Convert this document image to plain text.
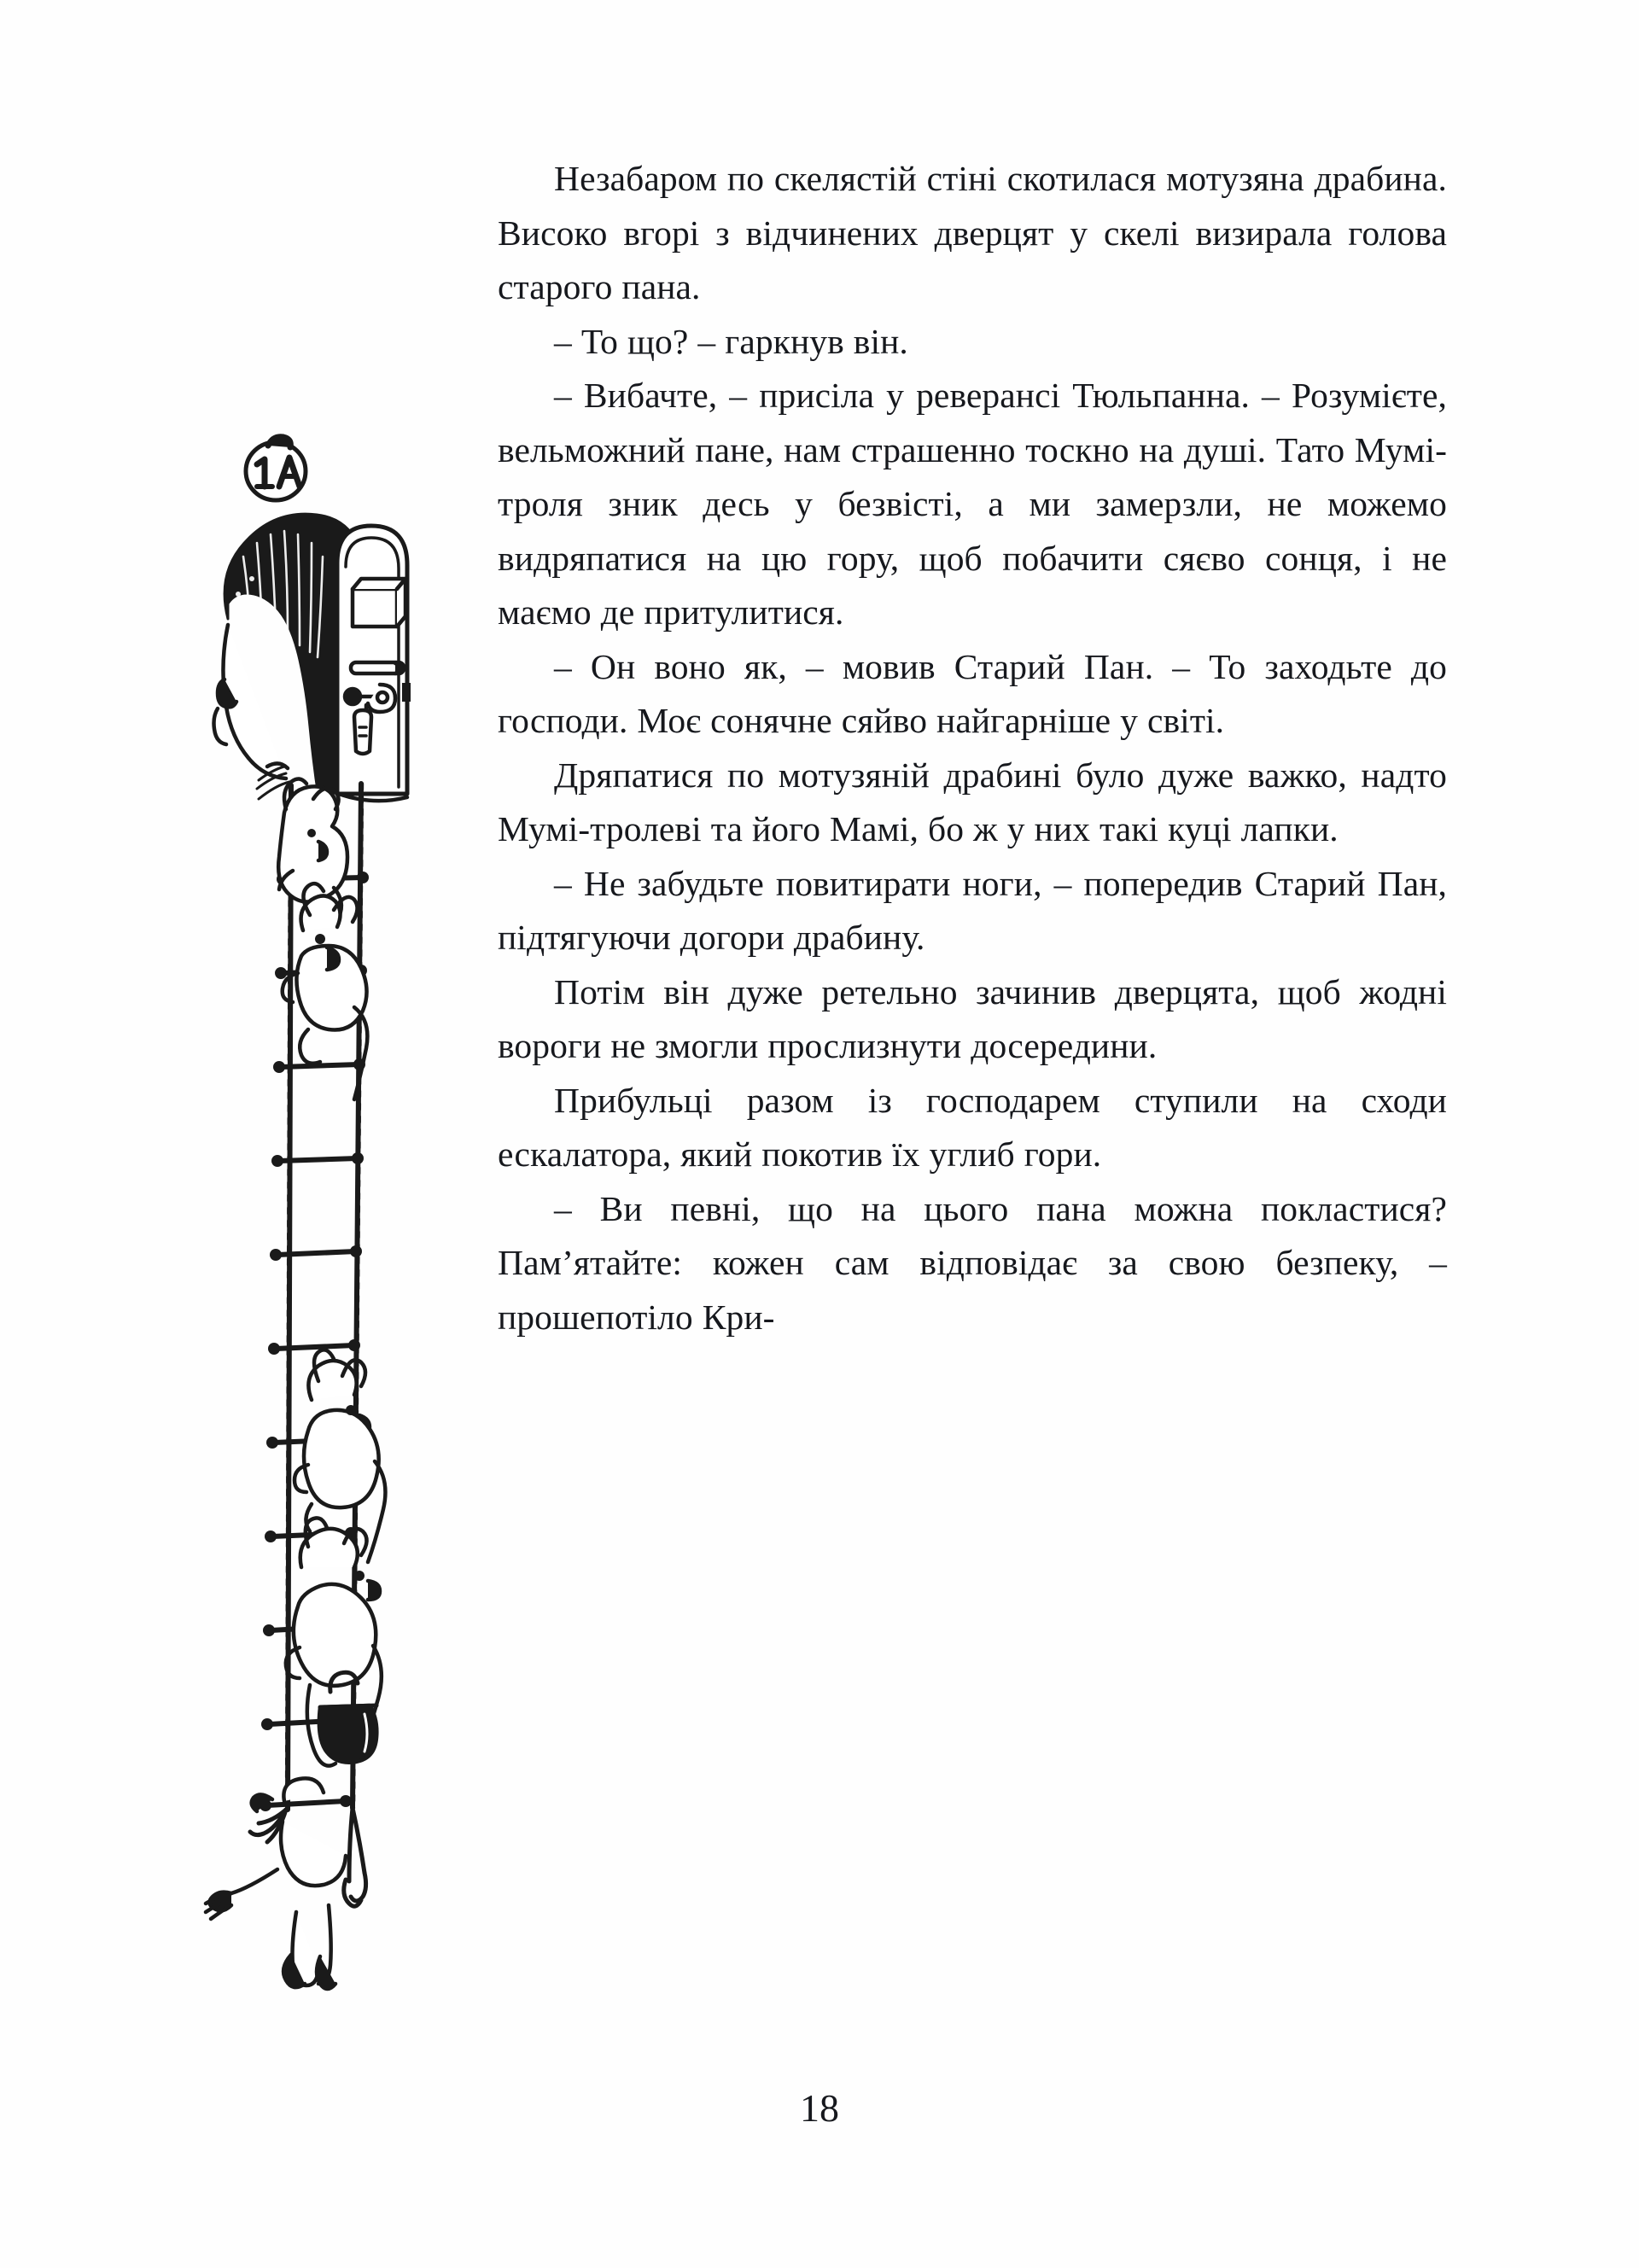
Незабаром по скелястій стіні скотилася мотузяна драбина. Високо вгорі з відчинених дверцят у скелі визирала голова старого пана.

– То що? – гаркнув він.

– Вибачте, – присіла у реверансі Тюльпанна. – Розумієте, вельможний пане, нам страшенно тоскно на душі. Тато Мумі-троля зник десь у безвісті, а ми замерзли, не можемо видряпатися на цю гору, щоб побачити сяєво сонця, і не маємо де притулитися.

– Он воно як, – мовив Старий Пан. – То заходьте до господи. Моє сонячне сяйво найгарніше у світі.

Дряпатися по мотузяній драбині було дуже важко, надто Мумі-тролеві та його Мамі, бо ж у них такі куці лапки.

– Не забудьте повитирати ноги, – попередив Старий Пан, підтягуючи догори драбину.

Потім він дуже ретельно зачинив дверцята, щоб жодні вороги не змогли прослизнути досередини.

Прибульці разом із господарем ступили на сходи ескалатора, який покотив їх углиб гори.

– Ви певні, що на цього пана можна покластися? Пам’ятайте: кожен сам відповідає за свою безпеку, – прошепотіло Кри-

18
